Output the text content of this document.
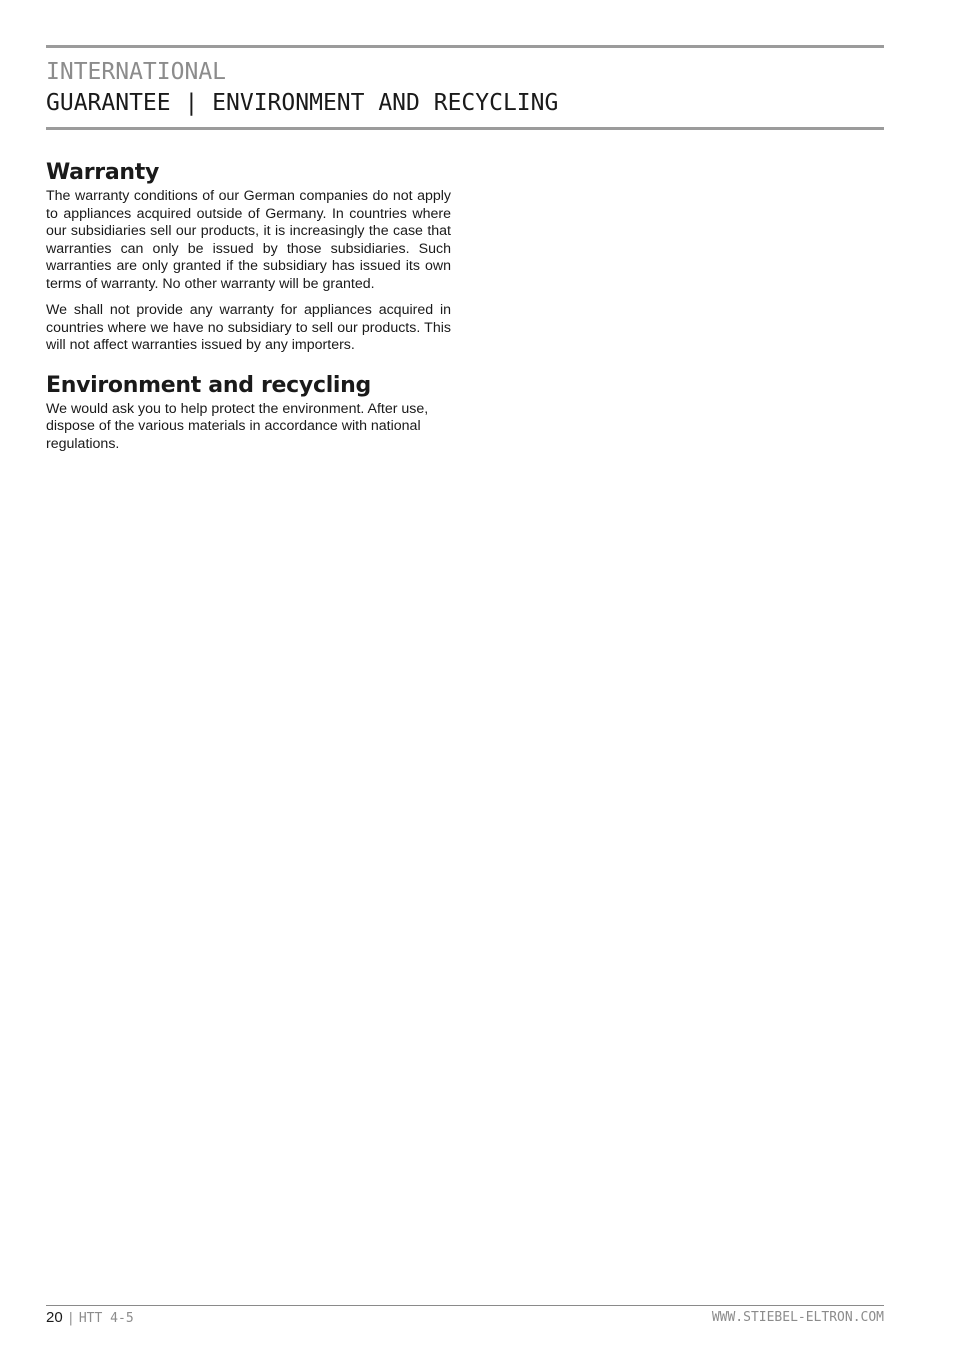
INTERNATIONAL
GUARANTEE | ENVIRONMENT AND RECYCLING
Warranty

The warranty conditions of our German companies do not apply to appliances acquired outside of Germany. In countries where our subsidiaries sell our products, it is increasingly the case that warranties can only be issued by those subsidiaries. Such warranties are only granted if the subsidiary has issued its own terms of warranty. No other warranty will be granted.

We shall not provide any warranty for appliances acquired in countries where we have no subsidiary to sell our products. This will not affect warranties issued by any importers.

Environment and recycling

We would ask you to help protect the environment. After use, dispose of the various materials in accordance with national regulations.

20 | HTT 4-5	WWW.STIEBEL-ELTRON.COM
